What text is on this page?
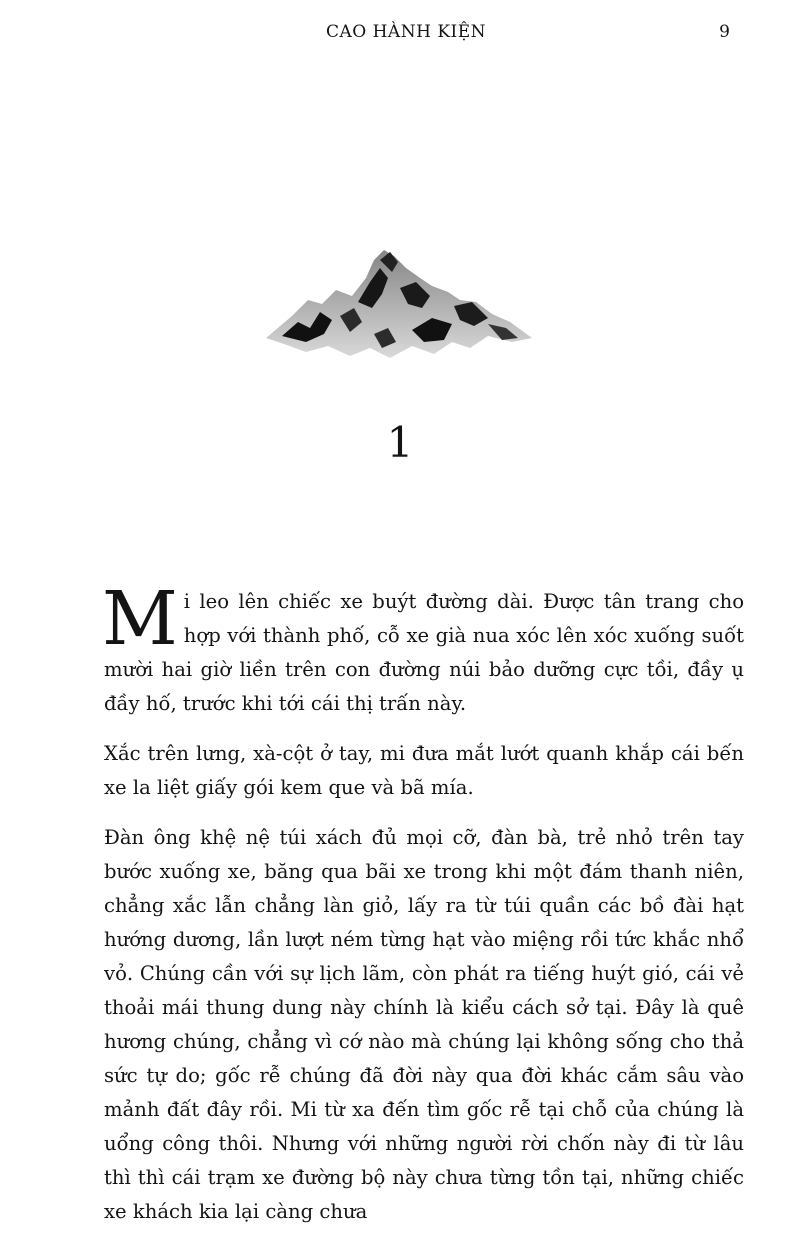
CAO HÀNH KIỆN	9
1

Mi leo lên chiếc xe buýt đường dài. Được tân trang cho hợp với thành phố, cỗ xe già nua xóc lên xóc xuống suốt mười hai giờ liền trên con đường núi bảo dưỡng cực tồi, đầy ụ đầy hố, trước khi tới cái thị trấn này.

Xắc trên lưng, xà-cột ở tay, mi đưa mắt lướt quanh khắp cái bến xe la liệt giấy gói kem que và bã mía.

Đàn ông khệ nệ túi xách đủ mọi cỡ, đàn bà, trẻ nhỏ trên tay bước xuống xe, băng qua bãi xe trong khi một đám thanh niên, chẳng xắc lẫn chẳng làn giỏ, lấy ra từ túi quần các bồ đài hạt hướng dương, lần lượt ném từng hạt vào miệng rồi tức khắc nhổ vỏ. Chúng cần với sự lịch lãm, còn phát ra tiếng huýt gió, cái vẻ thoải mái thung dung này chính là kiểu cách sở tại. Đây là quê hương chúng, chẳng vì cớ nào mà chúng lại không sống cho thả sức tự do; gốc rễ chúng đã đời này qua đời khác cắm sâu vào mảnh đất đây rồi. Mi từ xa đến tìm gốc rễ tại chỗ của chúng là uổng công thôi. Nhưng với những người rời chốn này đi từ lâu thì thì cái trạm xe đường bộ này chưa từng tồn tại, những chiếc xe khách kia lại càng chưa
